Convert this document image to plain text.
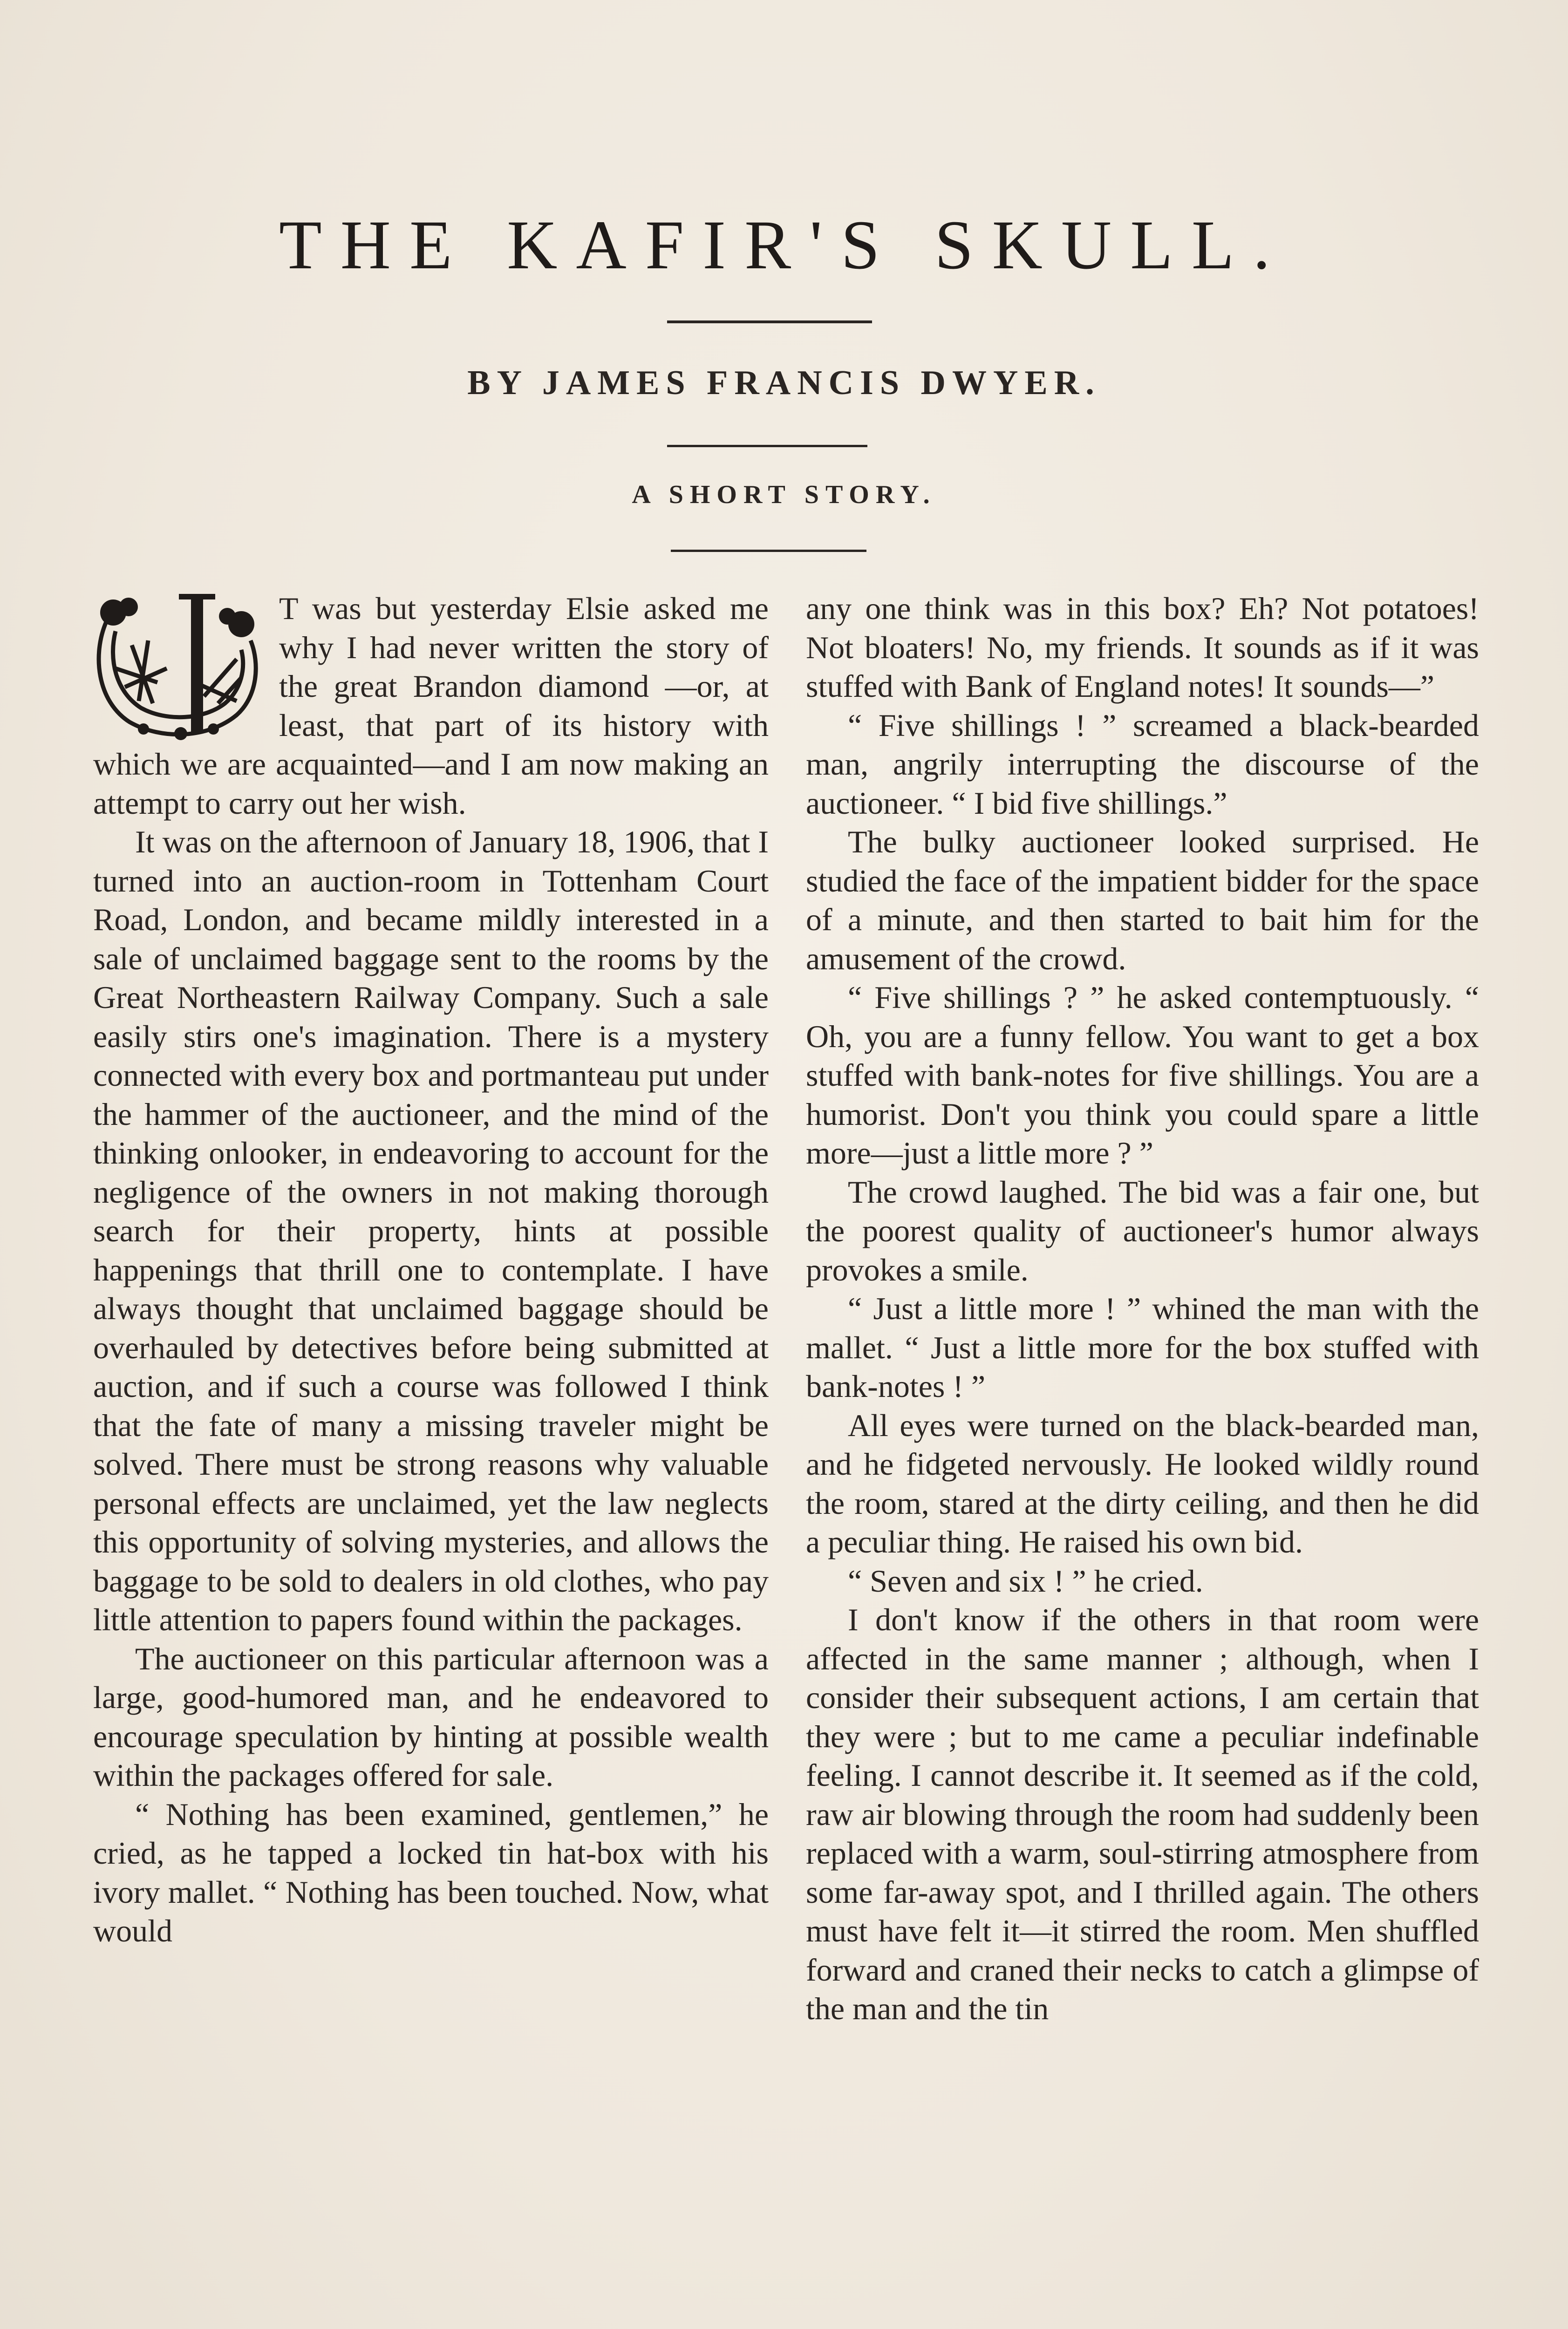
THE KAFIR'S SKULL.
BY JAMES FRANCIS DWYER.
A SHORT STORY.

T was but yesterday Elsie asked me why I had never written the story of the great Brandon diamond —or, at least, that part of its history with which we are acquainted—and I am now making an attempt to carry out her wish.

It was on the afternoon of January 18, 1906, that I turned into an auction-room in Tottenham Court Road, London, and became mildly interested in a sale of unclaimed baggage sent to the rooms by the Great Northeastern Railway Company. Such a sale easily stirs one's imagination. There is a mystery connected with every box and portmanteau put under the hammer of the auctioneer, and the mind of the thinking onlooker, in endeavoring to account for the negligence of the owners in not making thorough search for their property, hints at possible happenings that thrill one to contemplate. I have always thought that unclaimed baggage should be overhauled by detectives before being submitted at auction, and if such a course was followed I think that the fate of many a missing traveler might be solved. There must be strong reasons why valuable personal effects are unclaimed, yet the law neglects this opportunity of solving mysteries, and allows the baggage to be sold to dealers in old clothes, who pay little attention to papers found within the packages.

The auctioneer on this particular afternoon was a large, good-humored man, and he endeavored to encourage speculation by hinting at possible wealth within the packages offered for sale.

“ Nothing has been examined, gentlemen,” he cried, as he tapped a locked tin hat-box with his ivory mallet. “ Nothing has been touched. Now, what would

any one think was in this box? Eh? Not potatoes! Not bloaters! No, my friends. It sounds as if it was stuffed with Bank of England notes! It sounds—”

“ Five shillings ! ” screamed a black-bearded man, angrily interrupting the discourse of the auctioneer. “ I bid five shillings.”

The bulky auctioneer looked surprised. He studied the face of the impatient bidder for the space of a minute, and then started to bait him for the amusement of the crowd.

“ Five shillings ? ” he asked contemptuously. “ Oh, you are a funny fellow. You want to get a box stuffed with bank-notes for five shillings. You are a humorist. Don't you think you could spare a little more—just a little more ? ”

The crowd laughed. The bid was a fair one, but the poorest quality of auctioneer's humor always provokes a smile.

“ Just a little more ! ” whined the man with the mallet. “ Just a little more for the box stuffed with bank-notes ! ”

All eyes were turned on the black-bearded man, and he fidgeted nervously. He looked wildly round the room, stared at the dirty ceiling, and then he did a peculiar thing. He raised his own bid.

“ Seven and six ! ” he cried.

I don't know if the others in that room were affected in the same manner ; although, when I consider their subsequent actions, I am certain that they were ; but to me came a peculiar indefinable feeling. I cannot describe it. It seemed as if the cold, raw air blowing through the room had suddenly been replaced with a warm, soul-stirring atmosphere from some far-away spot, and I thrilled again. The others must have felt it—it stirred the room. Men shuffled forward and craned their necks to catch a glimpse of the man and the tin
